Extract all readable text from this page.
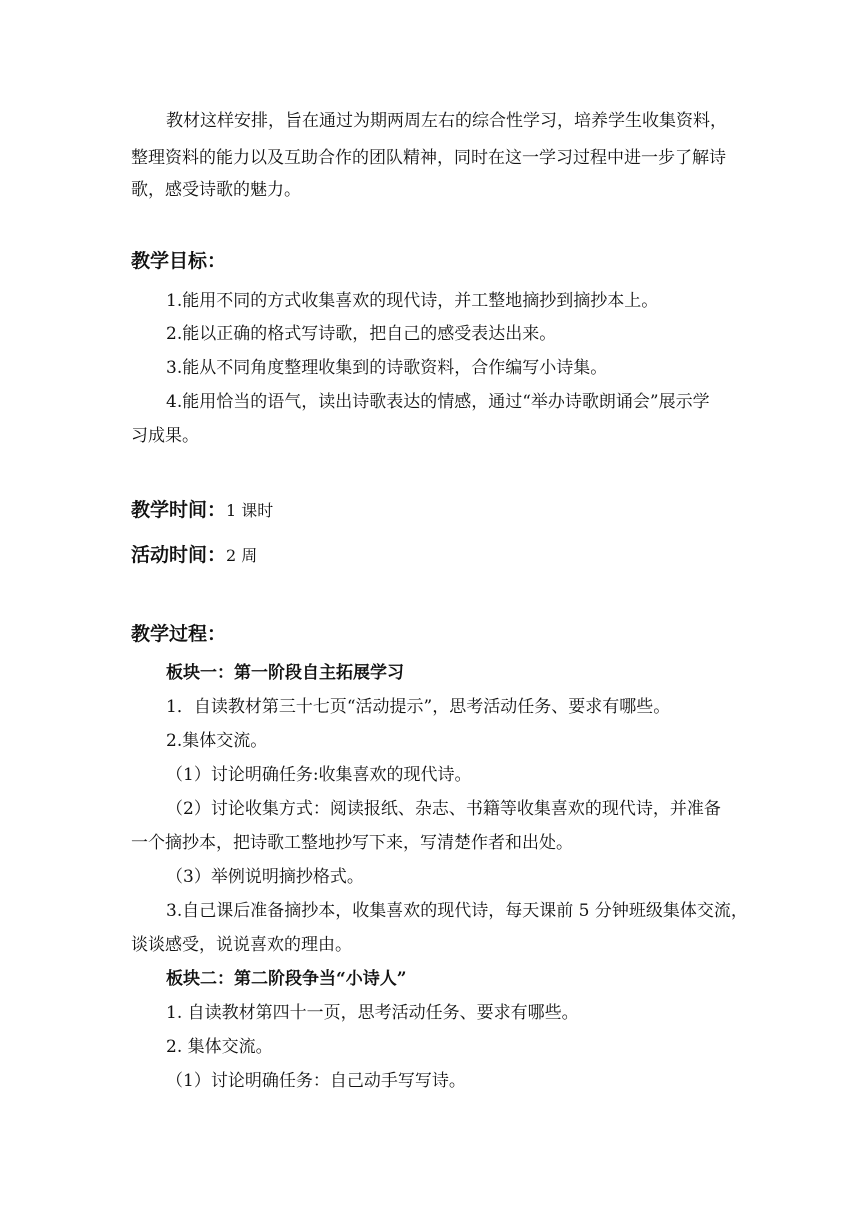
教材这样安排，旨在通过为期两周左右的综合性学习，培养学生收集资料，
整理资料的能力以及互助合作的团队精神，同时在这一学习过程中进一步了解诗
歌，感受诗歌的魅力。
教学目标：
1.能用不同的方式收集喜欢的现代诗，并工整地摘抄到摘抄本上。
2.能以正确的格式写诗歌，把自己的感受表达出来。
3.能从不同角度整理收集到的诗歌资料，合作编写小诗集。
4.能用恰当的语气，读出诗歌表达的情感，通过“举办诗歌朗诵会”展示学
习成果。
教学时间：1 课时
活动时间：2 周
教学过程：
板块一：第一阶段自主拓展学习
1．自读教材第三十七页“活动提示”，思考活动任务、要求有哪些。
2.集体交流。
（1）讨论明确任务:收集喜欢的现代诗。
（2）讨论收集方式：阅读报纸、杂志、书籍等收集喜欢的现代诗，并准备
一个摘抄本，把诗歌工整地抄写下来，写清楚作者和出处。
（3）举例说明摘抄格式。
3.自己课后准备摘抄本，收集喜欢的现代诗，每天课前 5 分钟班级集体交流，
谈谈感受，说说喜欢的理由。
板块二：第二阶段争当“小诗人”
1. 自读教材第四十一页，思考活动任务、要求有哪些。
2. 集体交流。
（1）讨论明确任务：自己动手写写诗。
